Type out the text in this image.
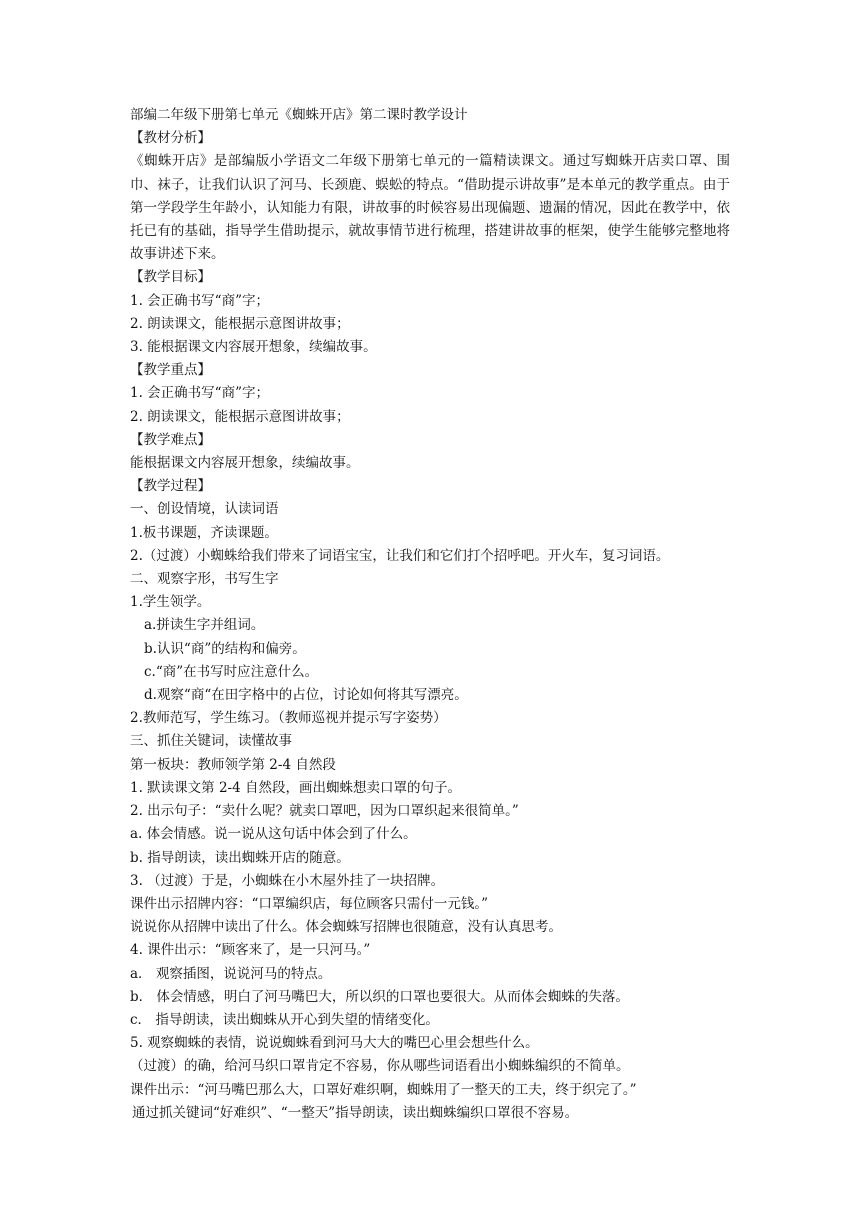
部编二年级下册第七单元《蜘蛛开店》第二课时教学设计
【教材分析】
《蜘蛛开店》是部编版小学语文二年级下册第七单元的一篇精读课文。通过写蜘蛛开店卖口罩、围巾、袜子，让我们认识了河马、长颈鹿、蜈蚣的特点。“借助提示讲故事”是本单元的教学重点。由于第一学段学生年龄小，认知能力有限，讲故事的时候容易出现偏题、遗漏的情况，因此在教学中，依托已有的基础，指导学生借助提示，就故事情节进行梳理，搭建讲故事的框架，使学生能够完整地将故事讲述下来。
【教学目标】
1. 会正确书写“商”字；
2. 朗读课文，能根据示意图讲故事；
3. 能根据课文内容展开想象，续编故事。
【教学重点】
1. 会正确书写“商”字；
2. 朗读课文，能根据示意图讲故事；
【教学难点】
能根据课文内容展开想象，续编故事。
【教学过程】
一、创设情境，认读词语
1.板书课题，齐读课题。
2.（过渡）小蜘蛛给我们带来了词语宝宝，让我们和它们打个招呼吧。开火车，复习词语。
二、观察字形，书写生字
1.学生领学。
a.拼读生字并组词。
b.认识“商”的结构和偏旁。
c.“商”在书写时应注意什么。
d.观察“商“在田字格中的占位，讨论如何将其写漂亮。
2.教师范写，学生练习。（教师巡视并提示写字姿势）
三、抓住关键词，读懂故事
第一板块：教师领学第 2-4 自然段
1. 默读课文第 2-4 自然段，画出蜘蛛想卖口罩的句子。
2. 出示句子：“卖什么呢？就卖口罩吧，因为口罩织起来很简单。”
a. 体会情感。说一说从这句话中体会到了什么。
b. 指导朗读，读出蜘蛛开店的随意。
3. （过渡）于是，小蜘蛛在小木屋外挂了一块招牌。
课件出示招牌内容：“口罩编织店，每位顾客只需付一元钱。”
说说你从招牌中读出了什么。体会蜘蛛写招牌也很随意，没有认真思考。
4. 课件出示：“顾客来了，是一只河马。”
a． 观察插图，说说河马的特点。
b． 体会情感，明白了河马嘴巴大，所以织的口罩也要很大。从而体会蜘蛛的失落。
c． 指导朗读，读出蜘蛛从开心到失望的情绪变化。
5. 观察蜘蛛的表情，说说蜘蛛看到河马大大的嘴巴心里会想些什么。
（过渡）的确，给河马织口罩肯定不容易，你从哪些词语看出小蜘蛛编织的不简单。
课件出示：“河马嘴巴那么大，口罩好难织啊，蜘蛛用了一整天的工夫，终于织完了。”
通过抓关键词“好难织”、“一整天”指导朗读，读出蜘蛛编织口罩很不容易。
